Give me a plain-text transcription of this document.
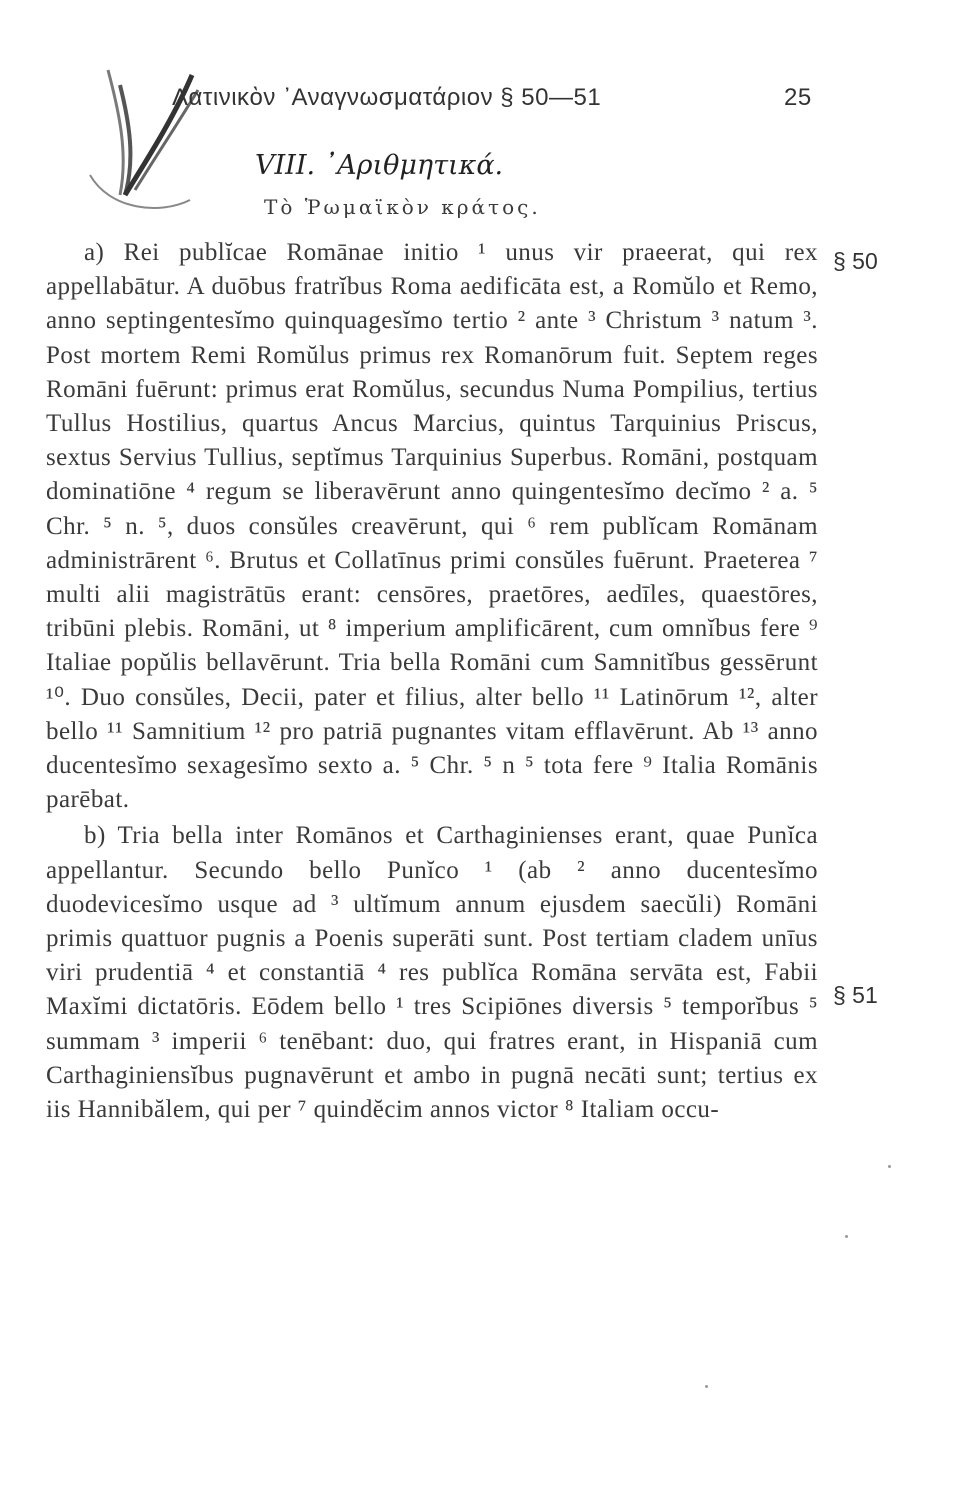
Λατινικὸν ᾿Αναγνωσματάριον § 50—51	25
VIII. ᾿Αριθμητικά.
Τὸ Ῥωμαϊκὸν κράτος.
§ 50
§ 51

a) Rei publĭcae Romānae initio ¹ unus vir praeerat, qui rex appellabātur. A duōbus fratrĭbus Roma aedificāta est, a Romŭlo et Remo, anno septingentesĭmo quinquagesĭmo tertio ² ante ³ Christum ³ natum ³. Post mortem Remi Romŭlus primus rex Romanōrum fuit. Septem reges Romāni fuērunt: primus erat Romŭlus, secundus Numa Pompilius, tertius Tullus Hostilius, quartus Ancus Marcius, quintus Tarquinius Priscus, sextus Servius Tullius, septĭmus Tarquinius Superbus. Romāni, postquam dominatiōne ⁴ regum se liberavērunt anno quingentesĭmo decĭmo ² a. ⁵ Chr. ⁵ n. ⁵, duos consŭles creavērunt, qui ⁶ rem publĭcam Romānam administrārent ⁶. Brutus et Collatīnus primi consŭles fuērunt. Praeterea ⁷ multi alii magistrātūs erant: censōres, praetōres, aedīles, quaestōres, tribūni plebis. Romāni, ut ⁸ imperium amplificārent, cum omnĭbus fere ⁹ Italiae popŭlis bellavērunt. Tria bella Romāni cum Samnitĭbus gessērunt ¹⁰. Duo consŭles, Decii, pater et filius, alter bello ¹¹ Latinōrum ¹², alter bello ¹¹ Samnitium ¹² pro patriā pugnantes vitam efflavērunt. Ab ¹³ anno ducentesĭmo sexagesĭmo sexto a. ⁵ Chr. ⁵ n ⁵ tota fere ⁹ Italia Romānis parēbat.

b) Tria bella inter Romānos et Carthaginienses erant, quae Punĭca appellantur. Secundo bello Punĭco ¹ (ab ² anno ducentesĭmo duodevicesĭmo usque ad ³ ultĭmum annum ejusdem saecŭli) Romāni primis quattuor pugnis a Poenis superāti sunt. Post tertiam cladem unīus viri prudentiā ⁴ et constantiā ⁴ res publĭca Romāna servāta est, Fabii Maxĭmi dictatōris. Eōdem bello ¹ tres Scipiōnes diversis ⁵ temporĭbus ⁵ summam ³ imperii ⁶ tenēbant: duo, qui fratres erant, in Hispaniā cum Carthaginiensĭbus pugnavērunt et ambo in pugnā necāti sunt; tertius ex iis Hannibălem, qui per ⁷ quindĕcim annos victor ⁸ Italiam occu-
